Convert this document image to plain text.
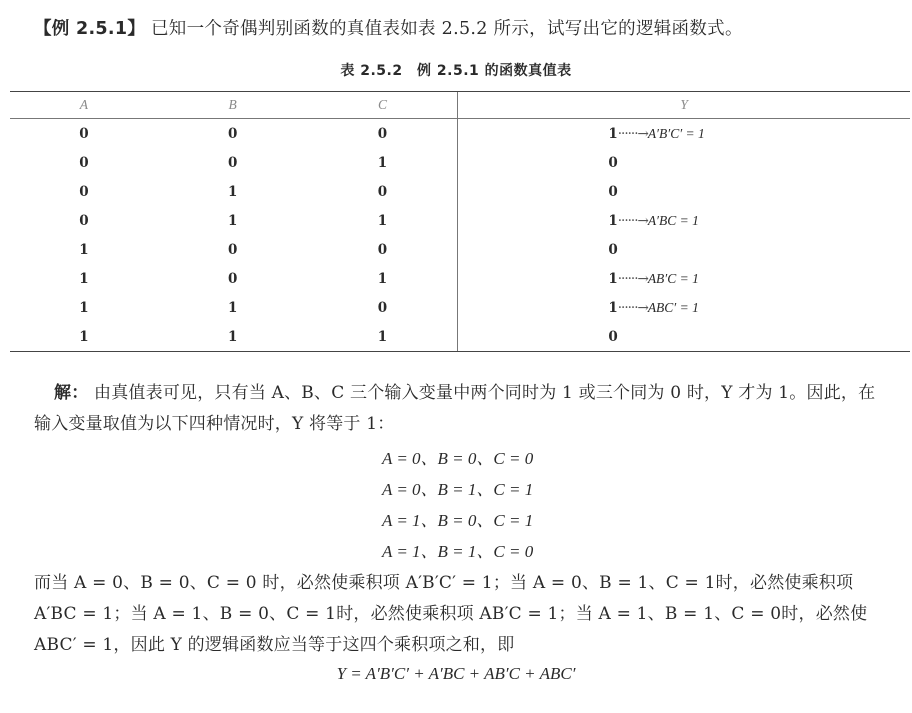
【例 2.5.1】 已知一个奇偶判别函数的真值表如表 2.5.2 所示，试写出它的逻辑函数式。
表 2.5.2　例 2.5.1 的函数真值表
A	B	C	Y
0	0	0	1······→A′B′C′ = 1
0	0	1	0
0	1	0	0
0	1	1	1······→A′BC = 1
1	0	0	0
1	0	1	1······→AB′C = 1
1	1	0	1······→ABC′ = 1
1	1	1	0
解： 由真值表可见，只有当 A、B、C 三个输入变量中两个同时为 1 或三个同为 0 时，Y 才为 1。因此，在输入变量取值为以下四种情况时，Y 将等于 1：
A = 0、B = 0、C = 0
A = 0、B = 1、C = 1
A = 1、B = 0、C = 1
A = 1、B = 1、C = 0
而当 A = 0、B = 0、C = 0 时，必然使乘积项 A′B′C′ = 1；当 A = 0、B = 1、C = 1时，必然使乘积项 A′BC = 1；当 A = 1、B = 0、C = 1时，必然使乘积项 AB′C = 1；当 A = 1、B = 1、C = 0时，必然使 ABC′ = 1，因此 Y 的逻辑函数应当等于这四个乘积项之和，即
Y = A′B′C′ + A′BC + AB′C + ABC′
